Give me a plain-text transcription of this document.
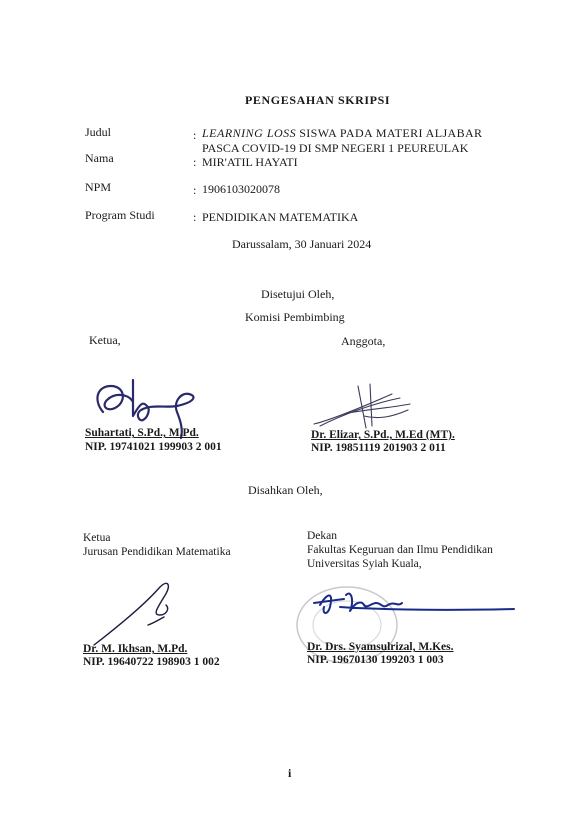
PENGESAHAN SKRIPSI
Judul
Nama
NPM
Program Studi
:
:
:
:
LEARNING LOSS SISWA PADA MATERI ALJABAR
PASCA COVID-19 DI SMP NEGERI 1 PEUREULAK
MIR'ATIL HAYATI
1906103020078
PENDIDIKAN MATEMATIKA
Darussalam, 30 Januari 2024
Disetujui Oleh,
Komisi Pembimbing
Ketua,	Anggota,
Suhartati, S.Pd., M.Pd.
NIP. 19741021 199903 2 001
Dr. Elizar, S.Pd., M.Ed (MT).
NIP. 19851119 201903 2 011
Disahkan Oleh,
Ketua
Jurusan Pendidikan Matematika
Dekan
Fakultas Keguruan dan Ilmu Pendidikan
Universitas Syiah Kuala,
Dr. M. Ikhsan, M.Pd.
NIP. 19640722 198903 1 002
Dr. Drs. Syamsulrizal, M.Kes.
NIP. 19670130 199203 1 003
i
